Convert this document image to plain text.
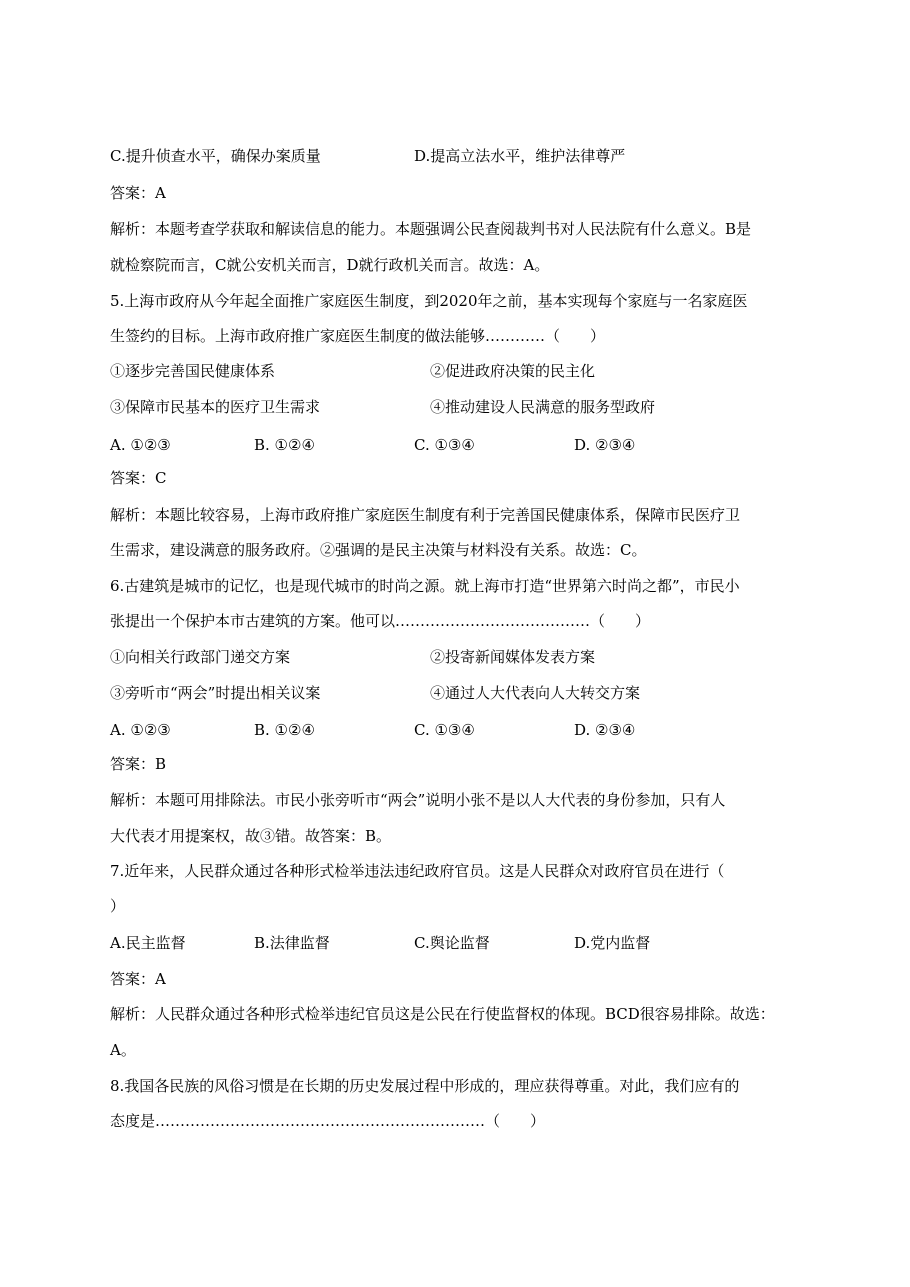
C.提升侦查水平，确保办案质量	D.提高立法水平，维护法律尊严
答案：A
解析：本题考查学获取和解读信息的能力。本题强调公民查阅裁判书对人民法院有什么意义。B是
就检察院而言，C就公安机关而言，D就行政机关而言。故选：A。
5.上海市政府从今年起全面推广家庭医生制度，到2020年之前，基本实现每个家庭与一名家庭医
生签约的目标。上海市政府推广家庭医生制度的做法能够…………（　　）
①逐步完善国民健康体系	②促进政府决策的民主化
③保障市民基本的医疗卫生需求	④推动建设人民满意的服务型政府
A. ①②③	B. ①②④	C. ①③④	D. ②③④
答案：C
解析：本题比较容易，上海市政府推广家庭医生制度有利于完善国民健康体系，保障市民医疗卫
生需求，建设满意的服务政府。②强调的是民主决策与材料没有关系。故选：C。
6.古建筑是城市的记忆，也是现代城市的时尚之源。就上海市打造“世界第六时尚之都”，市民小
张提出一个保护本市古建筑的方案。他可以…………………………………（　　）
①向相关行政部门递交方案	②投寄新闻媒体发表方案
③旁听市“两会”时提出相关议案	④通过人大代表向人大转交方案
A. ①②③	B. ①②④	C. ①③④	D. ②③④
答案：B
解析：本题可用排除法。市民小张旁听市“两会”说明小张不是以人大代表的身份参加，只有人
大代表才用提案权，故③错。故答案：B。
7.近年来，人民群众通过各种形式检举违法违纪政府官员。这是人民群众对政府官员在进行（
）
A.民主监督	B.法律监督	C.舆论监督	D.党内监督
答案：A
解析：人民群众通过各种形式检举违纪官员这是公民在行使监督权的体现。BCD很容易排除。故选：
A。
8.我国各民族的风俗习惯是在长期的历史发展过程中形成的，理应获得尊重。对此，我们应有的
态度是…………………………………………………………（　　）
